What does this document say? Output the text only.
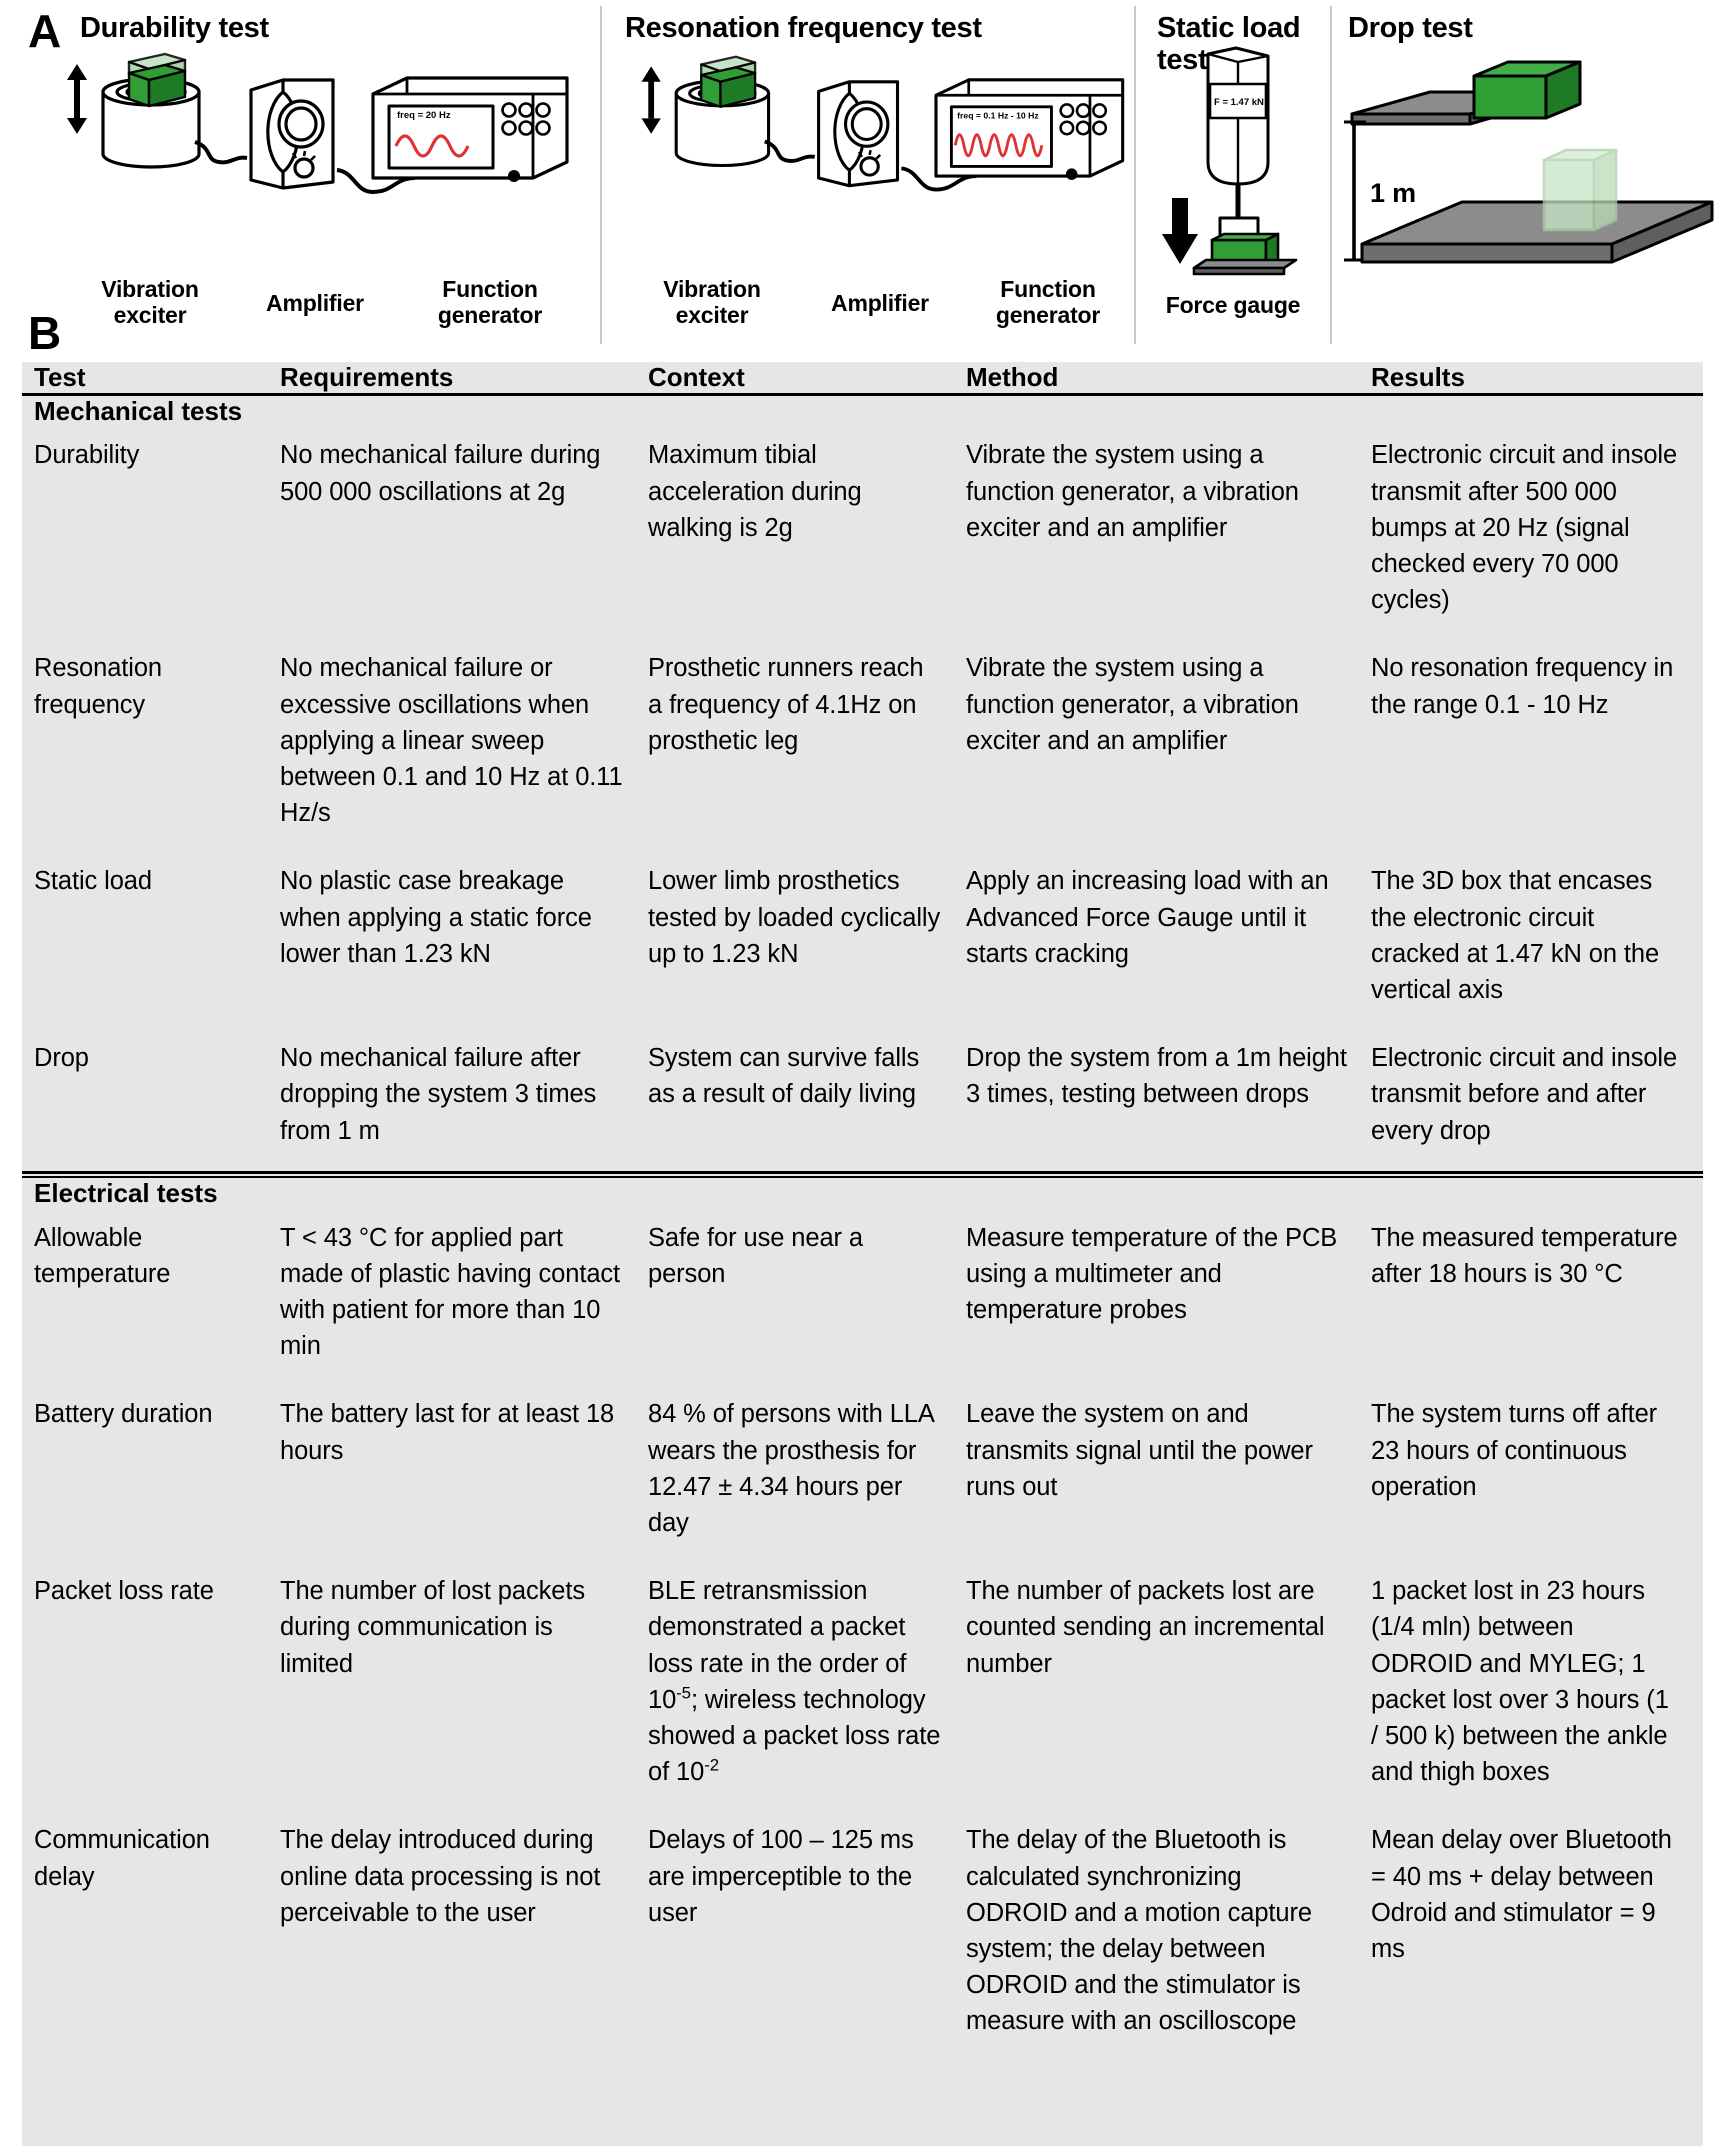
A Durability test	Resonation frequency test	Static load test
Drop test
freq = 20 Hz
Vibration
exciter	Amplifier
Function
generator
freq = 0.1 Hz - 10 Hz
Vibration
exciter	Amplifier
Function
generator
F = 1.47 kN
Force gauge
1 m
B
Test	Requirements	Context	Method	Results
Mechanical tests				
Durability	No mechanical failure during 500 000 oscillations at 2g	Maximum tibial acceleration during walking is 2g	Vibrate the system using a function generator, a vibration exciter and an amplifier	Electronic circuit and insole transmit after 500 000 bumps at 20 Hz (signal checked every 70 000 cycles)
Resonation frequency	No mechanical failure or excessive oscillations when applying a linear sweep between 0.1 and 10 Hz at 0.11 Hz/s	Prosthetic runners reach a frequency of 4.1Hz on prosthetic leg	Vibrate the system using a function generator, a vibration exciter and an amplifier	No resonation frequency in the range 0.1 - 10 Hz
Static load	No plastic case breakage when applying a static force lower than 1.23 kN	Lower limb prosthetics tested by loaded cyclically up to 1.23 kN	Apply an increasing load with an Advanced Force Gauge until it starts cracking	The 3D box that encases the electronic circuit cracked at 1.47 kN on the vertical axis
Drop	No mechanical failure after dropping the system 3 times from 1 m	System can survive falls as a result of daily living	Drop the system from a 1m height 3 times, testing between drops	Electronic circuit and insole transmit before and after every drop

Electrical tests				
Allowable temperature	T < 43 °C for applied part made of plastic having contact with patient for more than 10 min	Safe for use near a person	Measure temperature of the PCB using a multimeter and temperature probes	The measured temperature after 18 hours is 30 °C
Battery duration	The battery last for at least 18 hours	84 % of persons with LLA wears the prosthesis for 12.47 ± 4.34 hours per day	Leave the system on and transmits signal until the power runs out	The system turns off after 23 hours of continuous operation
Packet loss rate	The number of lost packets during communication is limited	BLE retransmission demonstrated a packet loss rate in the order of $10^{-5}$; wireless technology showed a packet loss rate of $10^{-2}$	The number of packets lost are counted sending an incremental number	1 packet lost in 23 hours (1/4 mln) between ODROID and MYLEG; 1 packet lost over 3 hours (1 / 500 k) between the ankle and thigh boxes
Communication delay	The delay introduced during online data processing is not perceivable to the user	Delays of 100 – 125 ms are imperceptible to the user	The delay of the Bluetooth is calculated synchronizing ODROID and a motion capture system; the delay between ODROID and the stimulator is measure with an oscilloscope	Mean delay over Bluetooth = 40 ms + delay between Odroid and stimulator = 9 ms
